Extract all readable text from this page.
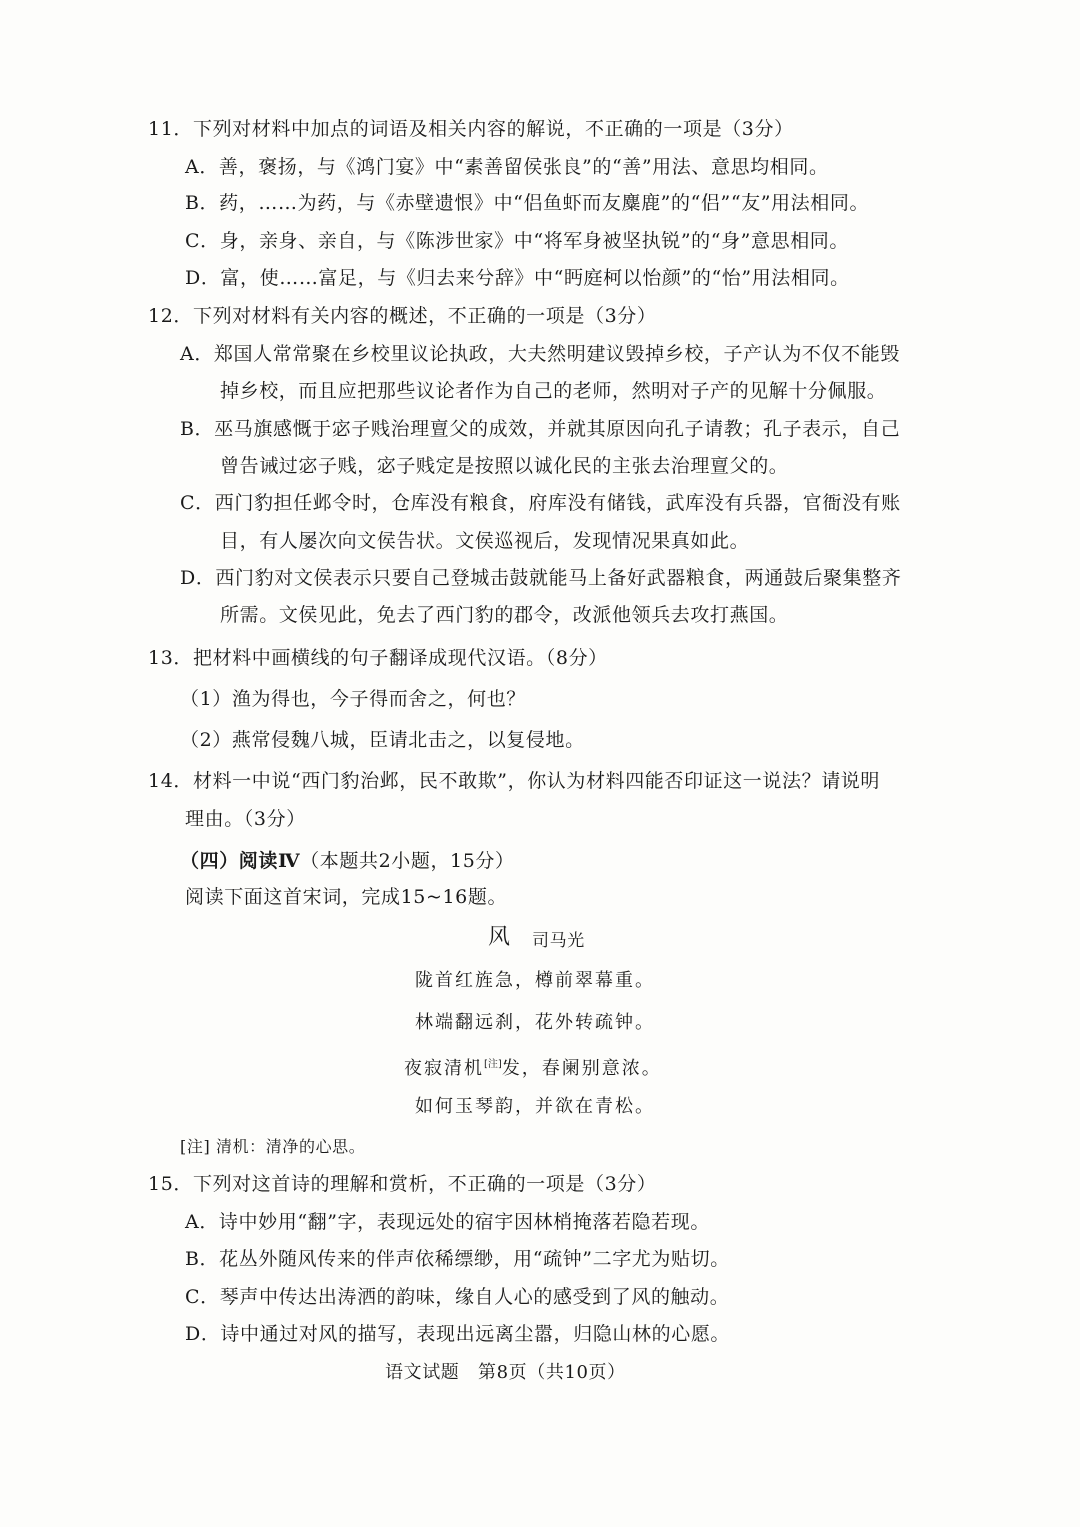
11．下列对材料中加点的词语及相关内容的解说，不正确的一项是（3分）
A．善，褒扬，与《鸿门宴》中“素善留侯张良”的“善”用法、意思均相同。
B．药，……为药，与《赤壁遗恨》中“侣鱼虾而友麋鹿”的“侣”“友”用法相同。
C．身，亲身、亲自，与《陈涉世家》中“将军身被坚执锐”的“身”意思相同。
D．富，使……富足，与《归去来兮辞》中“眄庭柯以怡颜”的“怡”用法相同。
12．下列对材料有关内容的概述，不正确的一项是（3分）
A．郑国人常常聚在乡校里议论执政，大夫然明建议毁掉乡校，子产认为不仅不能毁
掉乡校，而且应把那些议论者作为自己的老师，然明对子产的见解十分佩服。
B．巫马旗感慨于宓子贱治理亶父的成效，并就其原因向孔子请教；孔子表示，自己
曾告诫过宓子贱，宓子贱定是按照以诚化民的主张去治理亶父的。
C．西门豹担任邺令时，仓库没有粮食，府库没有储钱，武库没有兵器，官衙没有账
目，有人屡次向文侯告状。文侯巡视后，发现情况果真如此。
D．西门豹对文侯表示只要自己登城击鼓就能马上备好武器粮食，两通鼓后聚集整齐
所需。文侯见此，免去了西门豹的郡令，改派他领兵去攻打燕国。
13．把材料中画横线的句子翻译成现代汉语。（8分）
（1）渔为得也，今子得而舍之，何也？
（2）燕常侵魏八城，臣请北击之，以复侵地。
14．材料一中说“西门豹治邺，民不敢欺”，你认为材料四能否印证这一说法？请说明
理由。（3分）
（四）阅读Ⅳ（本题共2小题，15分）
阅读下面这首宋词，完成15~16题。
风 司马光
陇首红旌急，樽前翠幕重。
林端翻远刹，花外转疏钟。
夜寂清机[注]发，春阑别意浓。
如何玉琴韵，并欲在青松。
[注] 清机：清净的心思。
15．下列对这首诗的理解和赏析，不正确的一项是（3分）
A．诗中妙用“翻”字，表现远处的宿宇因林梢掩落若隐若现。
B．花丛外随风传来的伴声依稀缥缈，用“疏钟”二字尤为贴切。
C．琴声中传达出涛洒的韵味，缘自人心的感受到了风的触动。
D．诗中通过对风的描写，表现出远离尘嚣，归隐山林的心愿。
语文试题　第8页（共10页）
